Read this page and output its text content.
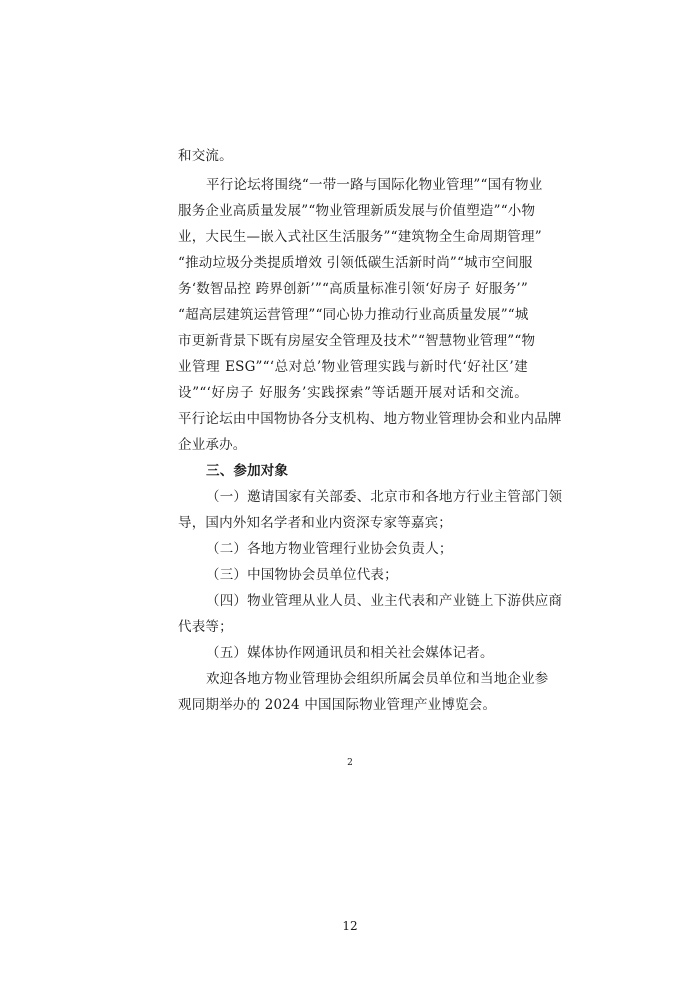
和交流。
平行论坛将围绕“一带一路与国际化物业管理”“国有物业
服务企业高质量发展”“物业管理新质发展与价值塑造”“小物
业，大民生—嵌入式社区生活服务”“建筑物全生命周期管理”
“推动垃圾分类提质增效 引领低碳生活新时尚”“城市空间服
务‘数智品控 跨界创新’”“高质量标准引领‘好房子 好服务’”
“超高层建筑运营管理”“同心协力推动行业高质量发展”“城
市更新背景下既有房屋安全管理及技术”“智慧物业管理”“物
业管理 ESG”“‘总对总’物业管理实践与新时代‘好社区’建
设”“‘好房子 好服务’实践探索”等话题开展对话和交流。
平行论坛由中国物协各分支机构、地方物业管理协会和业内品牌
企业承办。
三、参加对象
（一）邀请国家有关部委、北京市和各地方行业主管部门领
导，国内外知名学者和业内资深专家等嘉宾；
（二）各地方物业管理行业协会负责人；
（三）中国物协会员单位代表；
（四）物业管理从业人员、业主代表和产业链上下游供应商
代表等；
（五）媒体协作网通讯员和相关社会媒体记者。
欢迎各地方物业管理协会组织所属会员单位和当地企业参
观同期举办的 2024 中国国际物业管理产业博览会。
2
12
